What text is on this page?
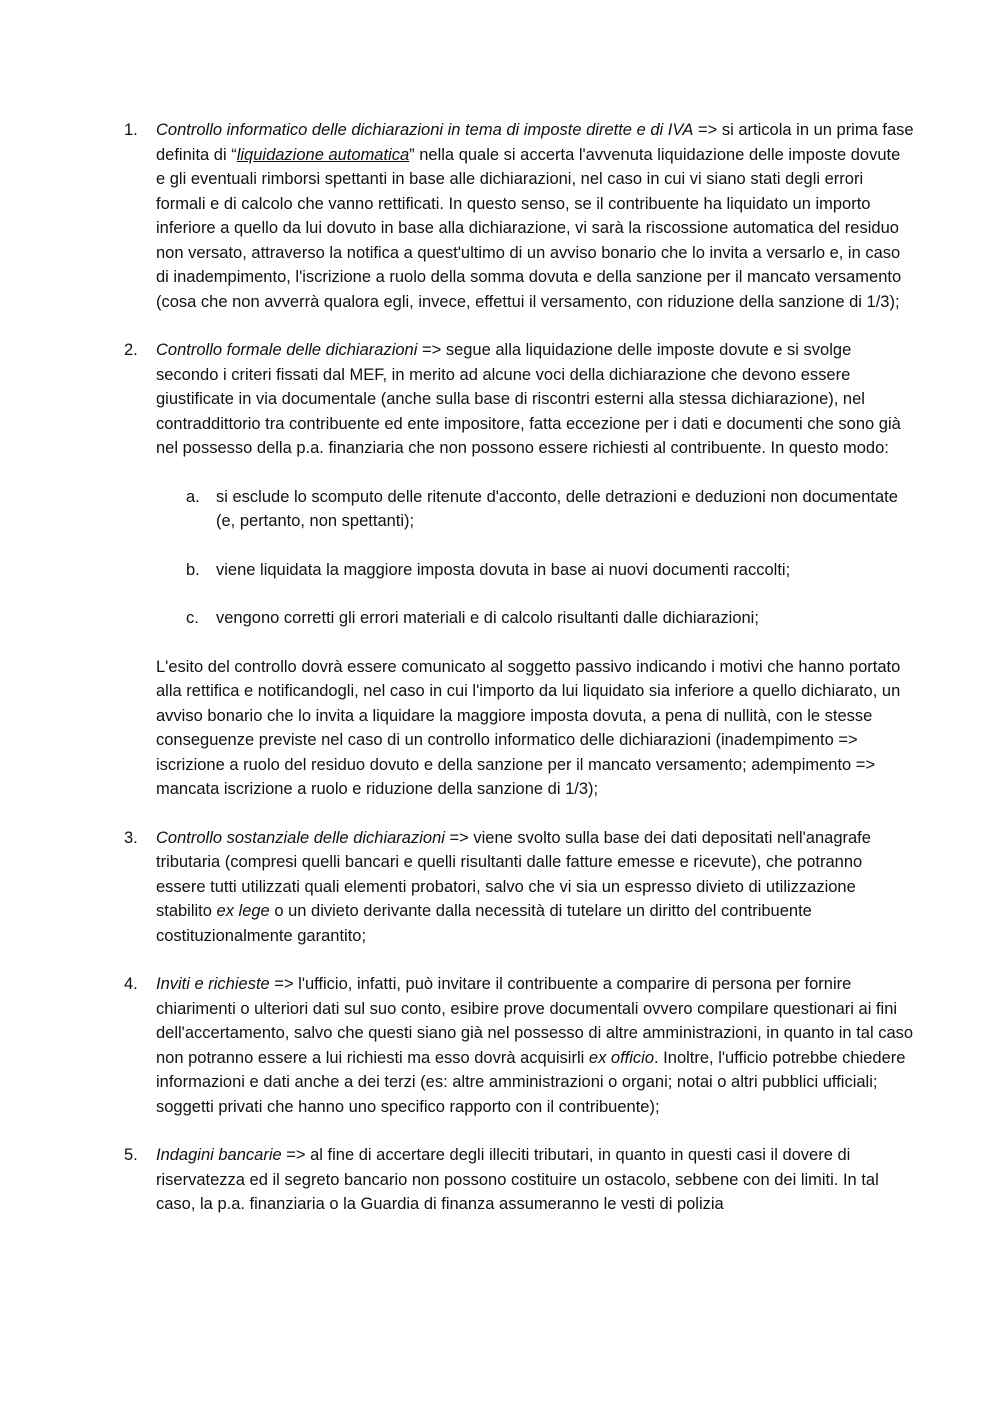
1. Controllo informatico delle dichiarazioni in tema di imposte dirette e di IVA => si articola in un prima fase definita di “liquidazione automatica” nella quale si accerta l'avvenuta liquidazione delle imposte dovute e gli eventuali rimborsi spettanti in base alle dichiarazioni, nel caso in cui vi siano stati degli errori formali e di calcolo che vanno rettificati. In questo senso, se il contribuente ha liquidato un importo inferiore a quello da lui dovuto in base alla dichiarazione, vi sarà la riscossione automatica del residuo non versato, attraverso la notifica a quest'ultimo di un avviso bonario che lo invita a versarlo e, in caso di inadempimento, l'iscrizione a ruolo della somma dovuta e della sanzione per il mancato versamento (cosa che non avverrà qualora egli, invece, effettui il versamento, con riduzione della sanzione di 1/3);

2. Controllo formale delle dichiarazioni => segue alla liquidazione delle imposte dovute e si svolge secondo i criteri fissati dal MEF, in merito ad alcune voci della dichiarazione che devono essere giustificate in via documentale (anche sulla base di riscontri esterni alla stessa dichiarazione), nel contraddittorio tra contribuente ed ente impositore, fatta eccezione per i dati e documenti che sono già nel possesso della p.a. finanziaria che non possono essere richiesti al contribuente. In questo modo:

a. si esclude lo scomputo delle ritenute d'acconto, delle detrazioni e deduzioni non documentate (e, pertanto, non spettanti);
b. viene liquidata la maggiore imposta dovuta in base ai nuovi documenti raccolti;
c. vengono corretti gli errori materiali e di calcolo risultanti dalle dichiarazioni;

L'esito del controllo dovrà essere comunicato al soggetto passivo indicando i motivi che hanno portato alla rettifica e notificandogli, nel caso in cui l'importo da lui liquidato sia inferiore a quello dichiarato, un avviso bonario che lo invita a liquidare la maggiore imposta dovuta, a pena di nullità, con le stesse conseguenze previste nel caso di un controllo informatico delle dichiarazioni (inadempimento => iscrizione a ruolo del residuo dovuto e della sanzione per il mancato versamento; adempimento => mancata iscrizione a ruolo e riduzione della sanzione di 1/3);

3. Controllo sostanziale delle dichiarazioni => viene svolto sulla base dei dati depositati nell'anagrafe tributaria (compresi quelli bancari e quelli risultanti dalle fatture emesse e ricevute), che potranno essere tutti utilizzati quali elementi probatori, salvo che vi sia un espresso divieto di utilizzazione stabilito ex lege o un divieto derivante dalla necessità di tutelare un diritto del contribuente costituzionalmente garantito;

4. Inviti e richieste => l'ufficio, infatti, può invitare il contribuente a comparire di persona per fornire chiarimenti o ulteriori dati sul suo conto, esibire prove documentali ovvero compilare questionari ai fini dell'accertamento, salvo che questi siano già nel possesso di altre amministrazioni, in quanto in tal caso non potranno essere a lui richiesti ma esso dovrà acquisirli ex officio. Inoltre, l'ufficio potrebbe chiedere informazioni e dati anche a dei terzi (es: altre amministrazioni o organi; notai o altri pubblici ufficiali; soggetti privati che hanno uno specifico rapporto con il contribuente);

5. Indagini bancarie => al fine di accertare degli illeciti tributari, in quanto in questi casi il dovere di riservatezza ed il segreto bancario non possono costituire un ostacolo, sebbene con dei limiti. In tal caso, la p.a. finanziaria o la Guardia di finanza assumeranno le vesti di polizia
